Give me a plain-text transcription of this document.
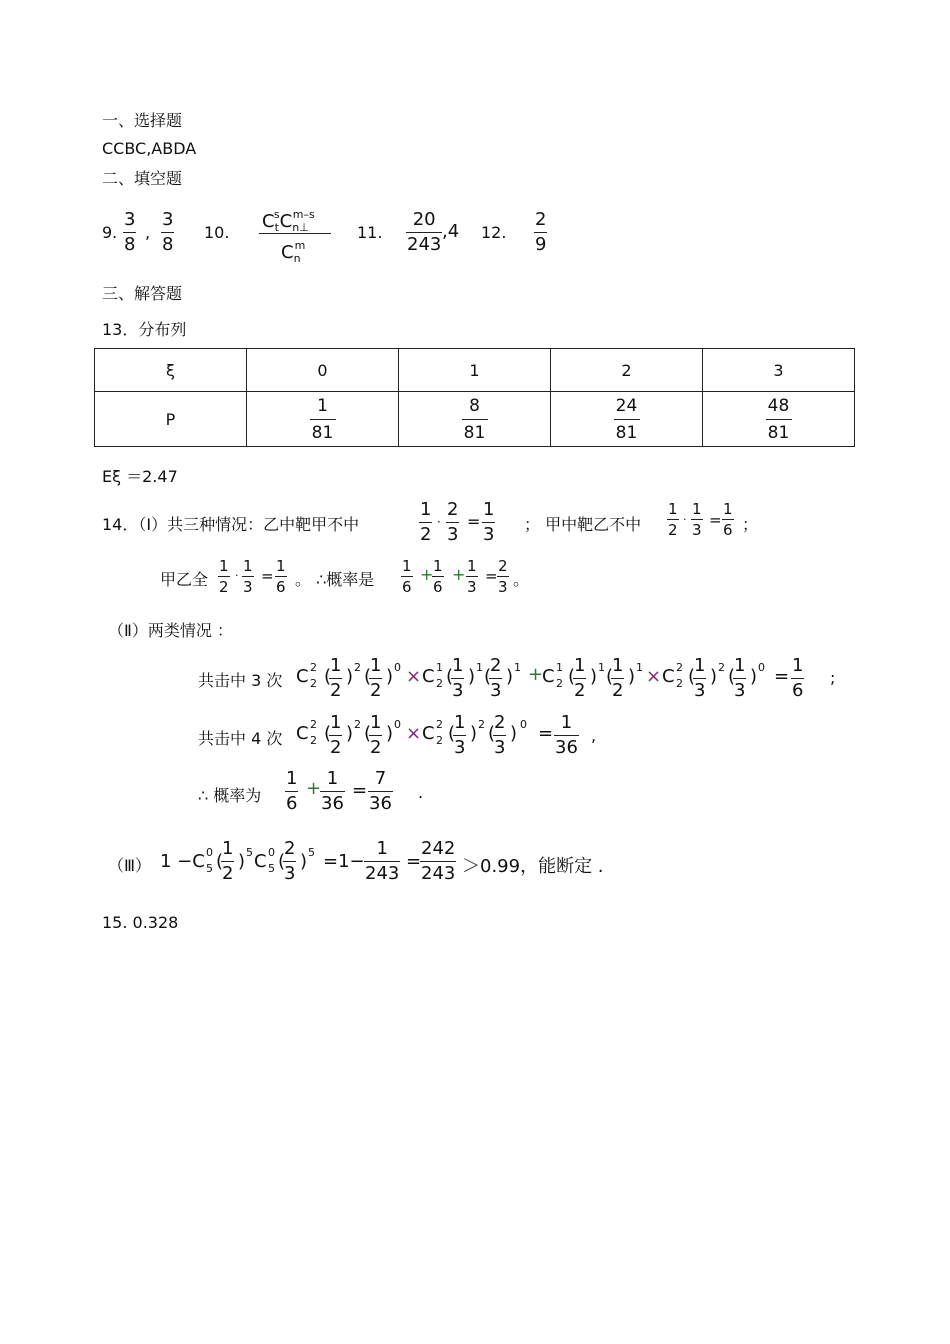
一、选择题
CCBC,ABDA
二、填空题
9.
3
8
,
3
8
10.
$C_t^sC_{n\perp}^{m-s}$
$C_n^m$
11.
20
243
,4 12.
2
9
三、解答题
13．分布列
ξ	0	1	2	3
P	$\frac{1}{81}$	$\frac{8}{81}$	$\frac{24}{81}$	$\frac{48}{81}$
Eξ ＝2.47
14．（Ⅰ）共三种情况：乙中靶甲不中
1
2
·
2
3
=
1
3 ； 甲中靶乙不中
1
2
·
1
3
=
1
6 ；
甲乙全
1
2
·
1
3
=
1
6 。 ∴概率是
1
6
+ 1
6
+ 1
3
=
2
3 。
（Ⅱ）两类情况 ：
共击中 3 次 C 2
2 (
1
2
) 2 (
1
2
) 0 × C 2
1 (
1
3
) 1 (
2
3
) 1 +
C 2
1 (
1
2
) 1 (
1
2
) 1 × C 2
2 (
1
3
) 2 (
1
3
) 0 =
1
6
;
共击中 4 次 C 2
2 (
1
2
) 2 (
1
2
) 0 × C 2
2 (
1
3
) 2 (
2
3
) 0 =
1
36
,
∴ 概率为
1
6
+ 1
36
=
7
36
.
（Ⅲ） 1 −C 5
0 (
1
2
) 5 C 5
0 (
2
3
) 5 =1−
1
243
=
242
243 ＞0.99，能断定 .
15. 0.328
